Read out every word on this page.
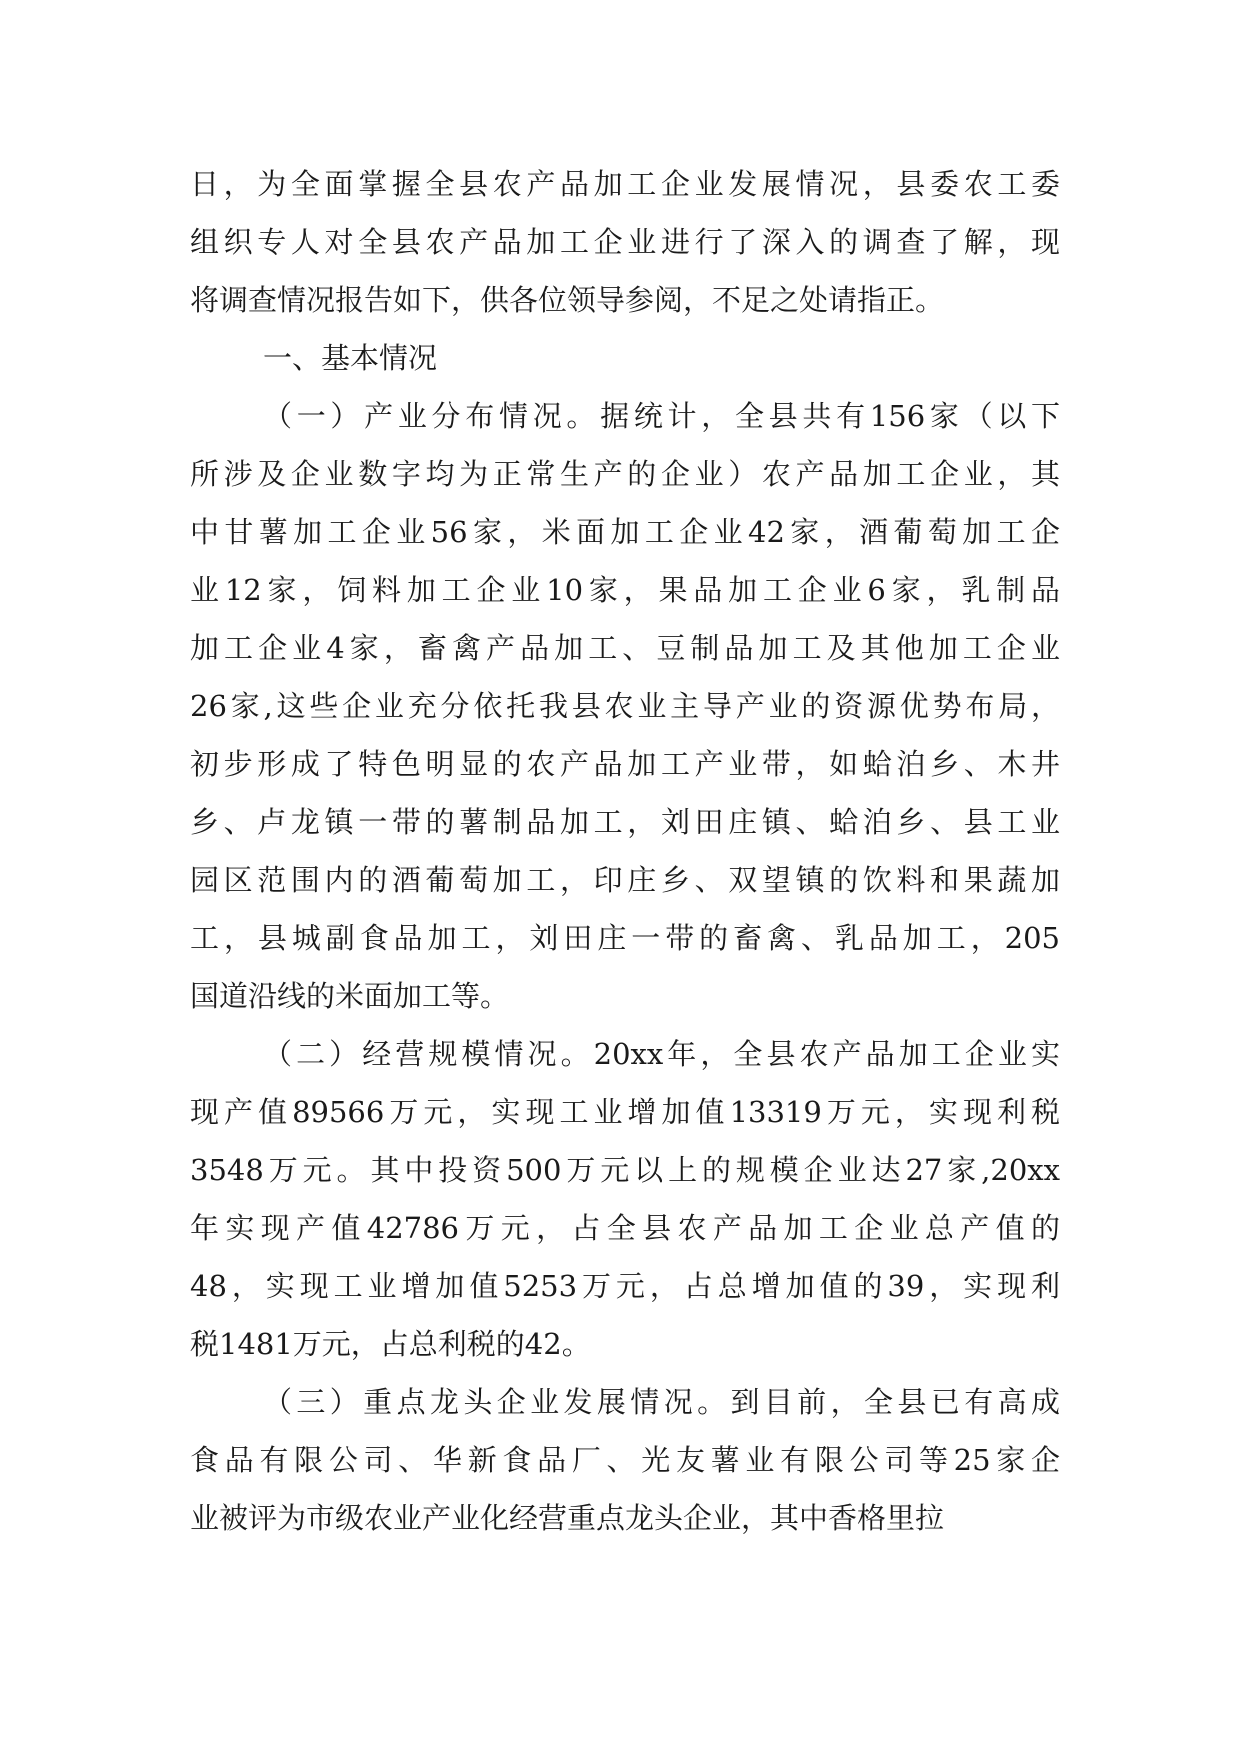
日，为全面掌握全县农产品加工企业发展情况，县委农工委
组织专人对全县农产品加工企业进行了深入的调查了解，现
将调查情况报告如下，供各位领导参阅，不足之处请指正。
一、基本情况
（一）产业分布情况。据统计，全县共有156家（以下
所涉及企业数字均为正常生产的企业）农产品加工企业，其
中甘薯加工企业56家，米面加工企业42家，酒葡萄加工企
业12家，饲料加工企业10家，果品加工企业6家，乳制品
加工企业4家，畜禽产品加工、豆制品加工及其他加工企业
26家,这些企业充分依托我县农业主导产业的资源优势布局，
初步形成了特色明显的农产品加工产业带，如蛤泊乡、木井
乡、卢龙镇一带的薯制品加工，刘田庄镇、蛤泊乡、县工业
园区范围内的酒葡萄加工，印庄乡、双望镇的饮料和果蔬加
工，县城副食品加工，刘田庄一带的畜禽、乳品加工，205
国道沿线的米面加工等。
（二）经营规模情况。20xx年，全县农产品加工企业实
现产值89566万元，实现工业增加值13319万元，实现利税
3548万元。其中投资500万元以上的规模企业达27家,20xx
年实现产值42786万元，占全县农产品加工企业总产值的
48，实现工业增加值5253万元，占总增加值的39，实现利
税1481万元，占总利税的42。
（三）重点龙头企业发展情况。到目前，全县已有高成
食品有限公司、华新食品厂、光友薯业有限公司等25家企
业被评为市级农业产业化经营重点龙头企业，其中香格里拉
